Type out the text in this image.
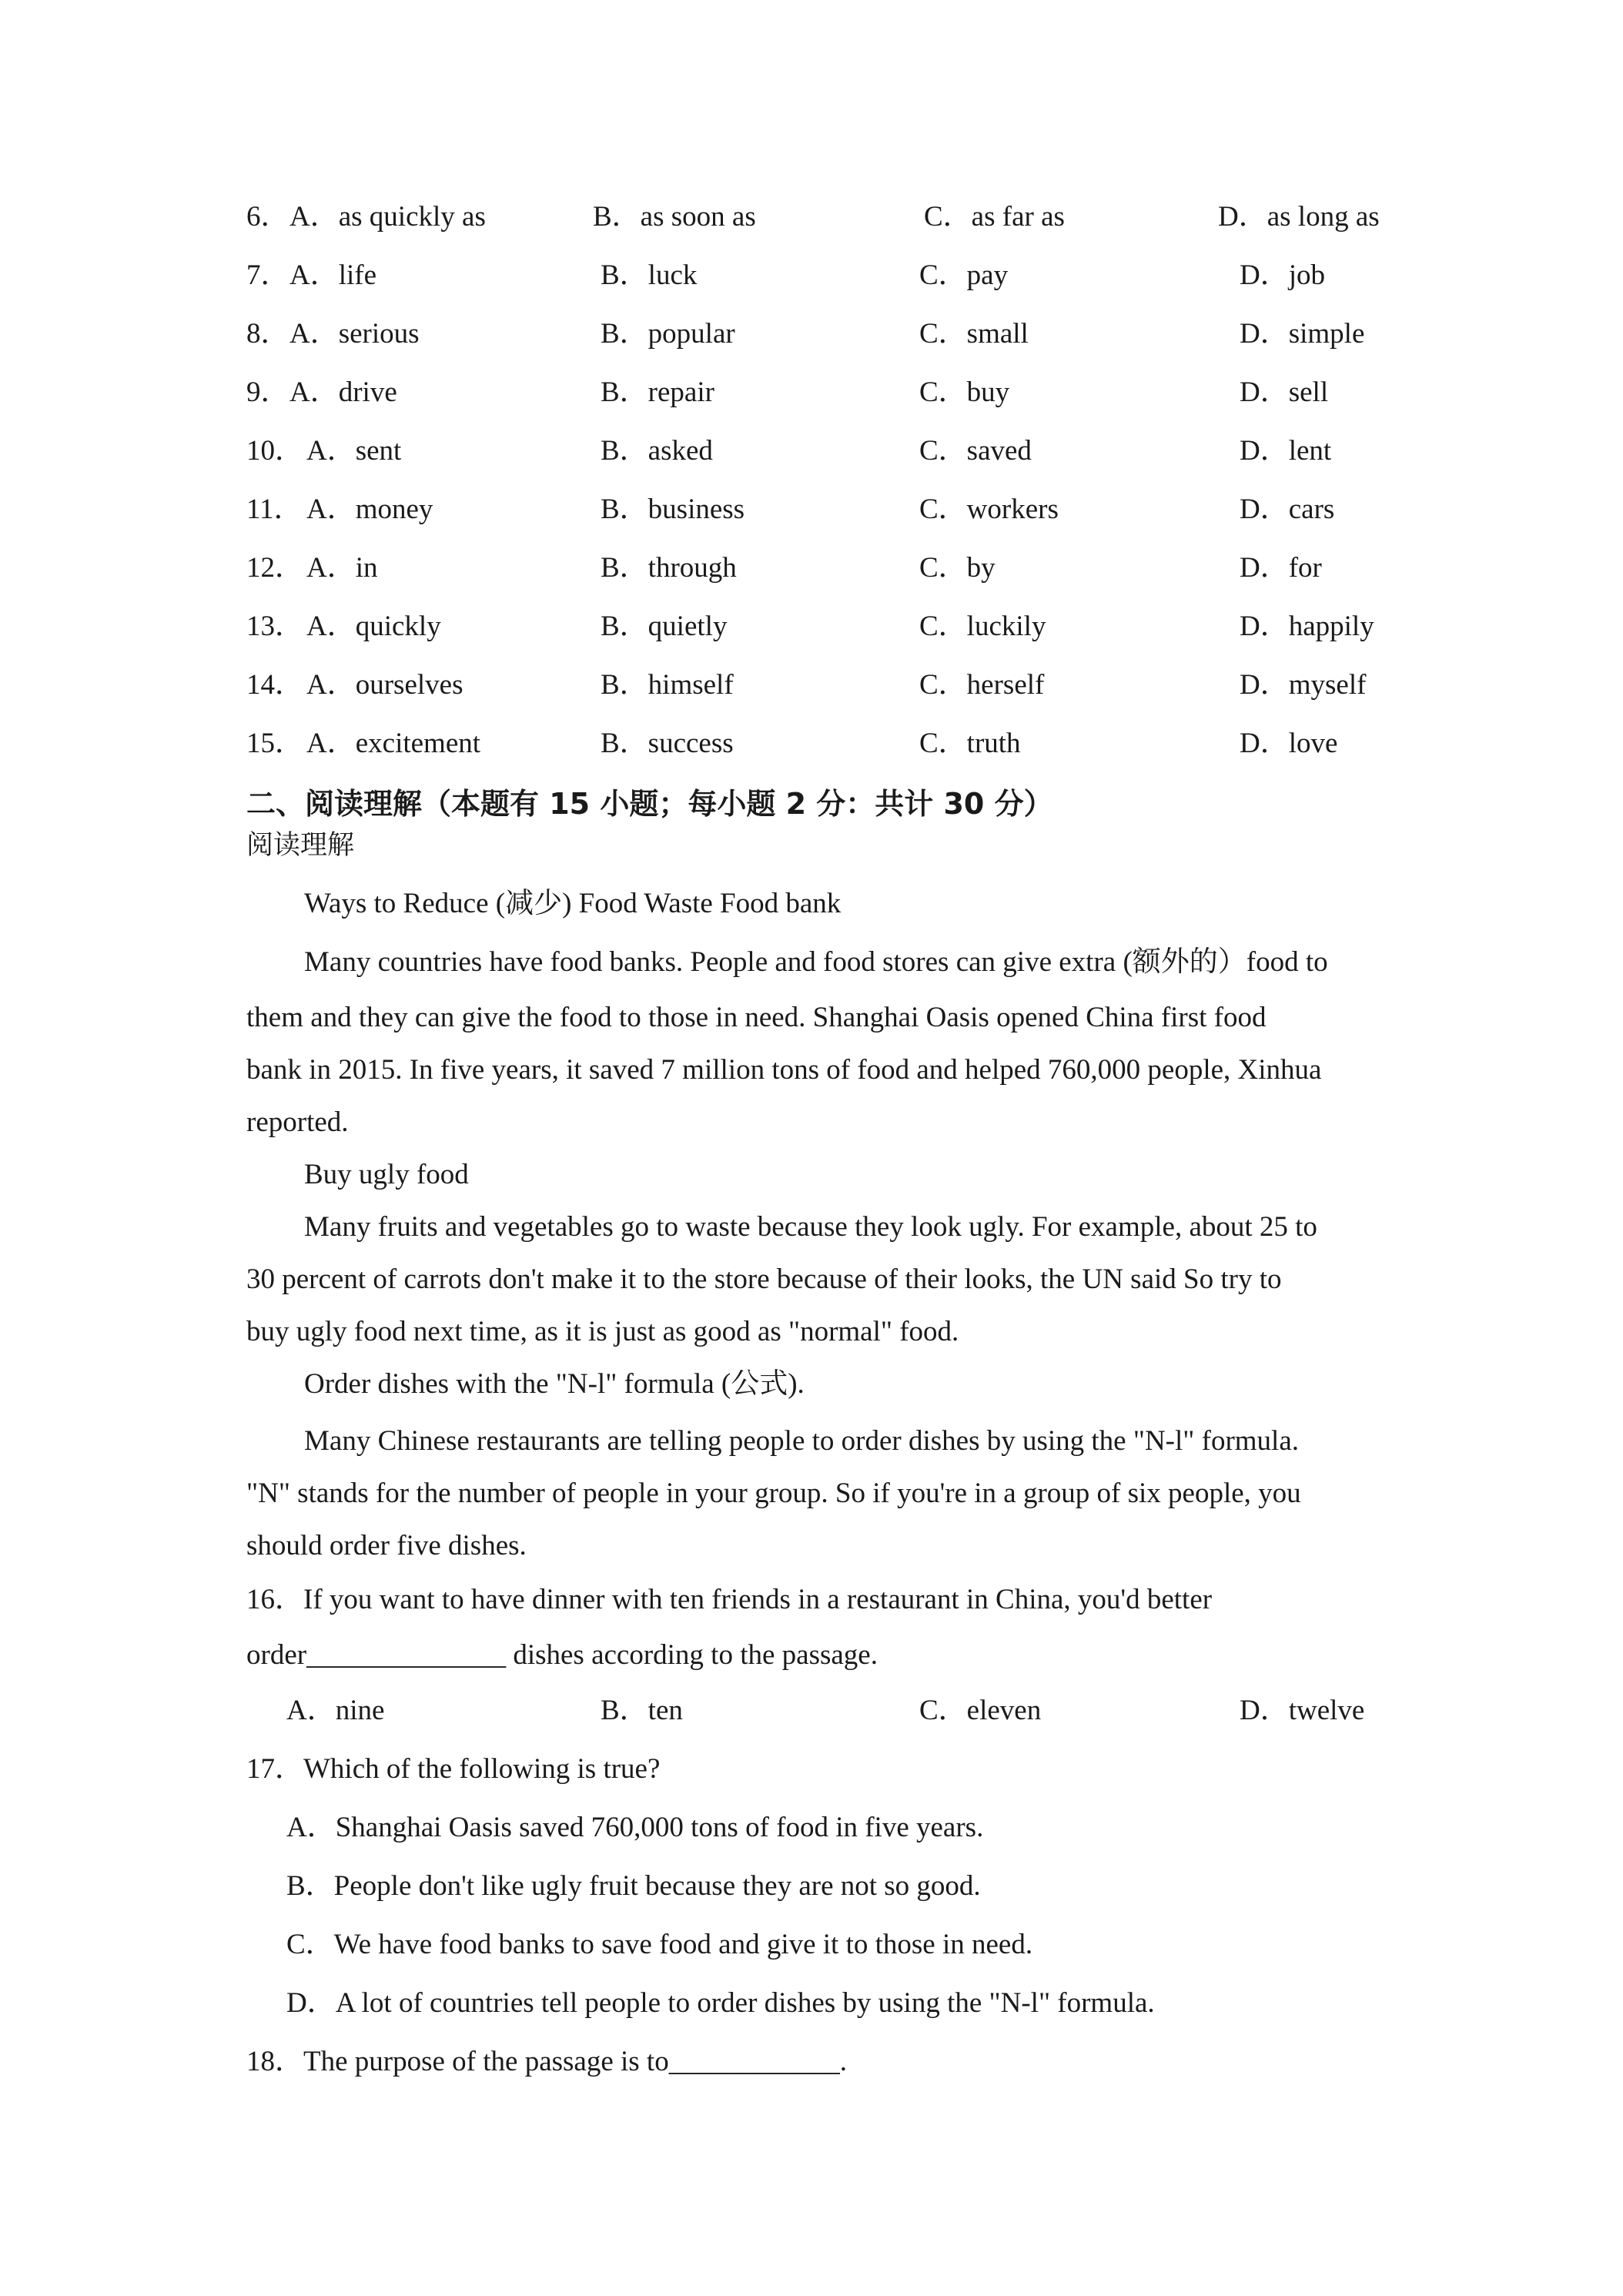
6． A．as quickly as	B．as soon as	C．as far as	D．as long as
7． A．life	B．luck	C．pay	D．job
8． A．serious	B．popular	C．small	D．simple
9． A．drive	B．repair	C．buy	D．sell
10． A．sent	B．asked	C．saved	D．lent
11． A．money	B．business	C．workers	D．cars
12． A．in	B．through	C．by	D．for
13． A．quickly	B．quietly	C．luckily	D．happily
14． A．ourselves	B．himself	C．herself	D．myself
15． A．excitement	B．success	C．truth	D．love
二、阅读理解（本题有 15 小题；每小题 2 分：共计 30 分）
阅读理解
Ways to Reduce (减少) Food Waste Food bank
Many countries have food banks. People and food stores can give extra (额外的）food to
them and they can give the food to those in need. Shanghai Oasis opened China first food
bank in 2015. In five years, it saved 7 million tons of food and helped 760,000 people, Xinhua
reported.
Buy ugly food
Many fruits and vegetables go to waste because they look ugly. For example, about 25 to
30 percent of carrots don't make it to the store because of their looks, the UN said So try to
buy ugly food next time, as it is just as good as "normal" food.
Order dishes with the "N-l" formula (公式).
Many Chinese restaurants are telling people to order dishes by using the "N-l" formula.
"N" stands for the number of people in your group. So if you're in a group of six people, you
should order five dishes.
16．If you want to have dinner with ten friends in a restaurant in China, you'd better
order______________ dishes according to the passage.
A．nine	B．ten	C．eleven	D．twelve
17．Which of the following is true?
A．Shanghai Oasis saved 760,000 tons of food in five years.
B．People don't like ugly fruit because they are not so good.
C．We have food banks to save food and give it to those in need.
D．A lot of countries tell people to order dishes by using the "N-l" formula.
18．The purpose of the passage is to____________.
